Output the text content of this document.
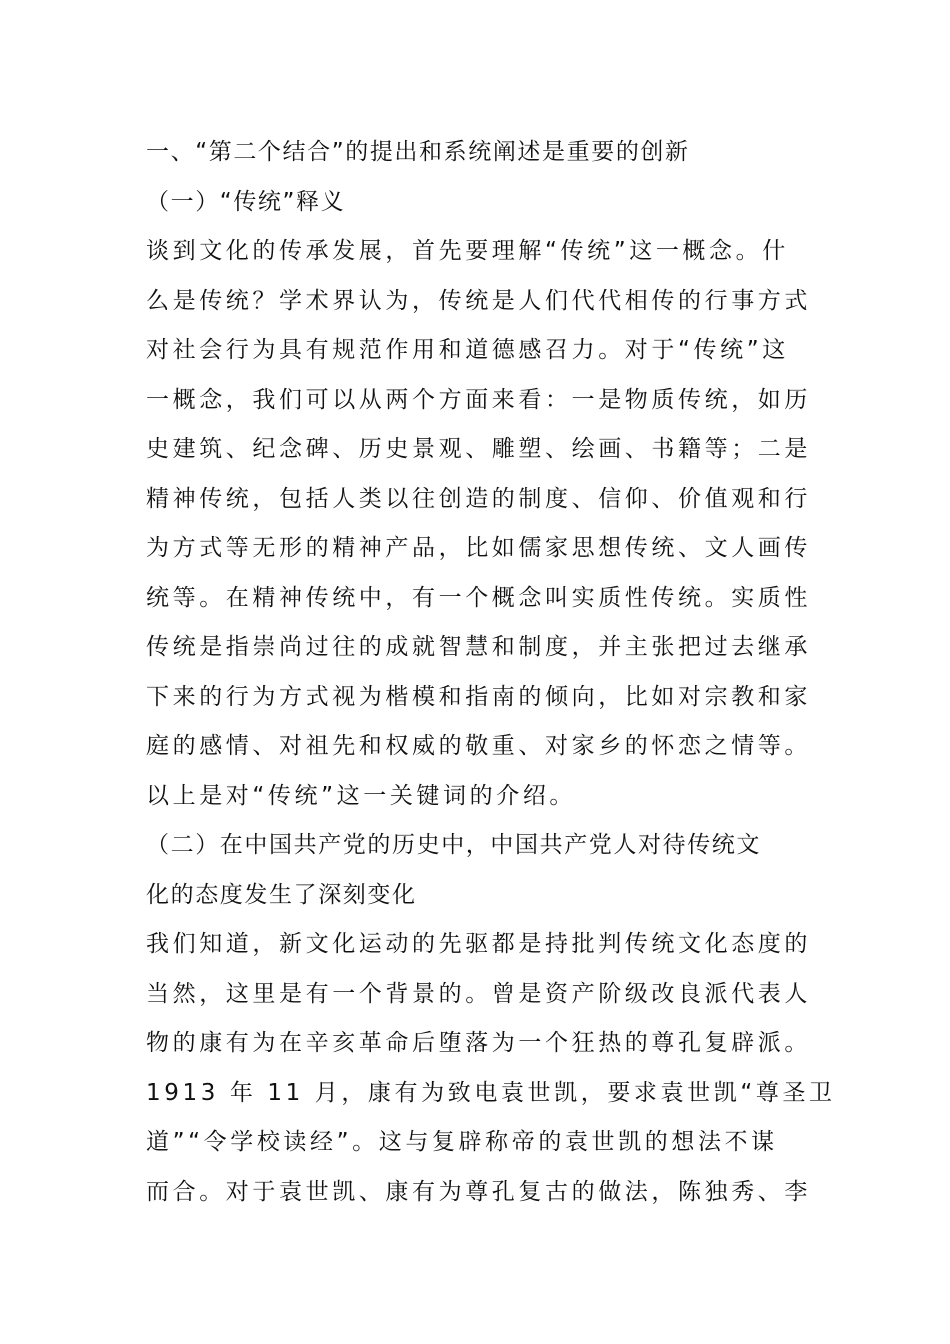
一、“第二个结合”的提出和系统阐述是重要的创新

（一）“传统”释义

谈到文化的传承发展，首先要理解“传统”这一概念。什

么是传统？学术界认为，传统是人们代代相传的行事方式

对社会行为具有规范作用和道德感召力。对于“传统”这

一概念，我们可以从两个方面来看：一是物质传统，如历

史建筑、纪念碑、历史景观、雕塑、绘画、书籍等；二是

精神传统，包括人类以往创造的制度、信仰、价值观和行

为方式等无形的精神产品，比如儒家思想传统、文人画传

统等。在精神传统中，有一个概念叫实质性传统。实质性

传统是指崇尚过往的成就智慧和制度，并主张把过去继承

下来的行为方式视为楷模和指南的倾向，比如对宗教和家

庭的感情、对祖先和权威的敬重、对家乡的怀恋之情等。

以上是对“传统”这一关键词的介绍。

（二）在中国共产党的历史中，中国共产党人对待传统文

化的态度发生了深刻变化

我们知道，新文化运动的先驱都是持批判传统文化态度的

当然，这里是有一个背景的。曾是资产阶级改良派代表人

物的康有为在辛亥革命后堕落为一个狂热的尊孔复辟派。

1913 年 11 月，康有为致电袁世凯，要求袁世凯“尊圣卫

道”“令学校读经”。这与复辟称帝的袁世凯的想法不谋

而合。对于袁世凯、康有为尊孔复古的做法，陈独秀、李
